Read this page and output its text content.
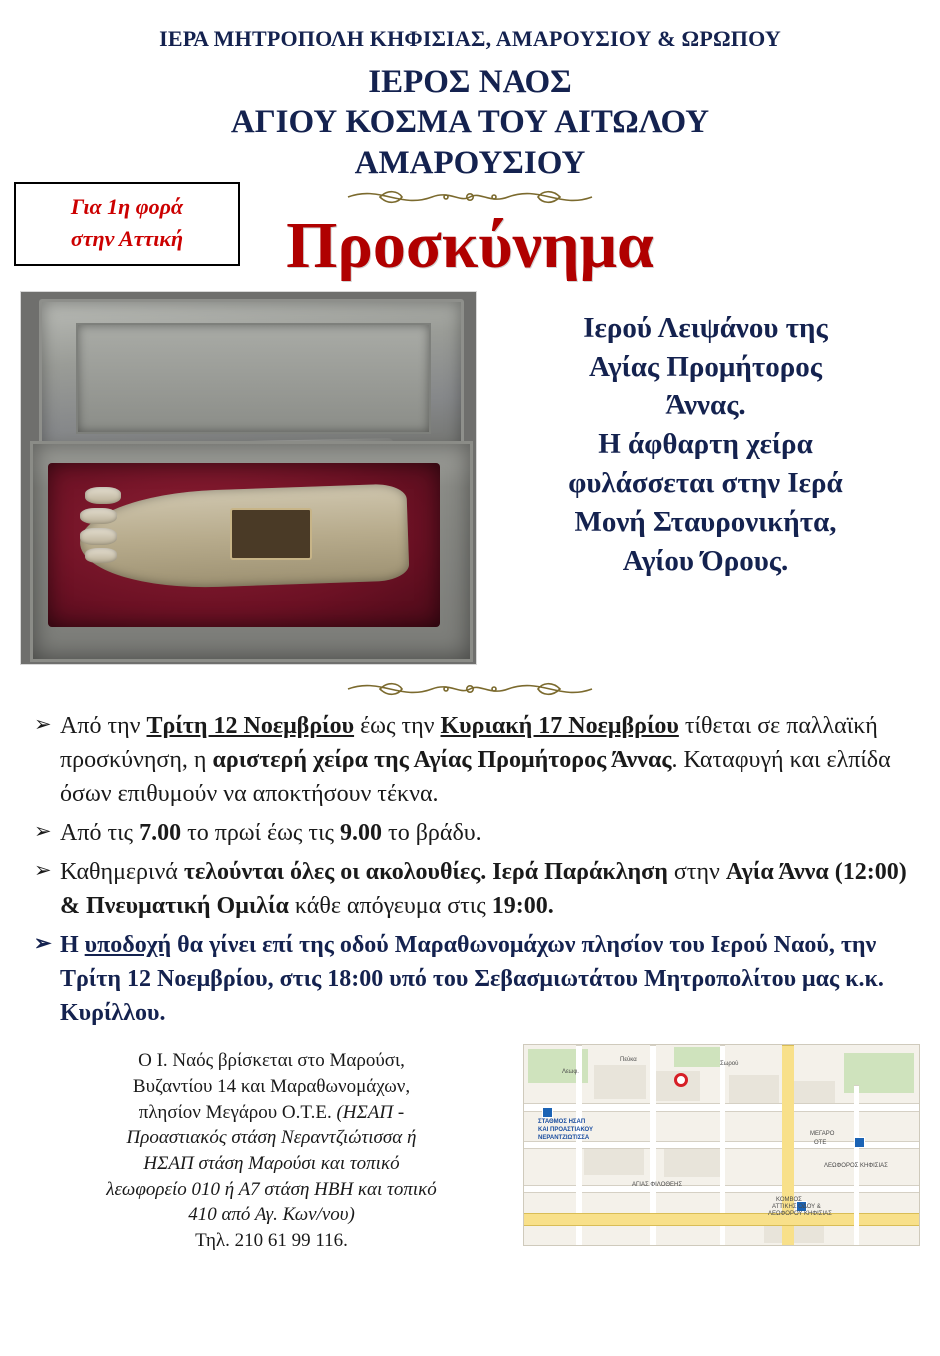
ΙΕΡΑ ΜΗΤΡΟΠΟΛΗ ΚΗΦΙΣΙΑΣ, ΑΜΑΡΟΥΣΙΟΥ & ΩΡΩΠΟΥ
ΙΕΡΟΣ ΝΑΟΣ
ΑΓΙΟΥ ΚΟΣΜΑ ΤΟΥ ΑΙΤΩΛΟΥ
ΑΜΑΡΟΥΣΙΟΥ
Για 1η φορά
στην Αττική	Προσκύνημα
Ιερού Λειψάνου της
Αγίας Προμήτορος
Άννας.
Η άφθαρτη χείρα
φυλάσσεται στην Ιερά
Μονή Σταυρονικήτα,
Αγίου Όρους.
➢ Από την Τρίτη 12 Νοεμβρίου έως την Κυριακή 17 Νοεμβρίου τίθεται σε παλλαϊκή προσκύνηση, η αριστερή χείρα της Αγίας Προμήτορος Άννας. Καταφυγή και ελπίδα όσων επιθυμούν να αποκτήσουν τέκνα.
➢ Από τις 7.00 το πρωί έως τις 9.00 το βράδυ.
➢ Καθημερινά τελούνται όλες οι ακολουθίες. Ιερά Παράκληση στην Αγία Άννα (12:00) & Πνευματική Ομιλία κάθε απόγευμα στις 19:00.
➢ Η υποδοχή θα γίνει επί της οδού Μαραθωνομάχων πλησίον του Ιερού Ναού, την Τρίτη 12 Νοεμβρίου, στις 18:00 υπό του Σεβασμιωτάτου Μητροπολίτου μας κ.κ. Κυρίλλου.
Ο Ι. Ναός βρίσκεται στο Μαρούσι,
Βυζαντίου 14 και Μαραθωνομάχων,
πλησίον Μεγάρου Ο.Τ.Ε. (ΗΣΑΠ -
Προαστιακός στάση Νεραντζιώτισσα ή
ΗΣΑΠ στάση Μαρούσι και τοπικό
λεωφορείο 010 ή Α7 στάση ΗΒΗ και τοπικό
410 από Αγ. Κων/νου)
Τηλ. 210 61 99 116.
ΣΤΑΘΜΟΣ ΗΣΑΠ
ΚΑΙ ΠΡΟΑΣΤΙΑΚΟΥ
ΝΕΡΑΝΤΖΙΩΤΙΣΣΑ
ΜΕΓΑΡΟ
ΟΤΕ
ΛΕΩΦΟΡΟΣ ΚΗΦΙΣΙΑΣ
ΑΓΙΑΣ ΦΙΛΟΘΕΗΣ
ΚΟΜΒΟΣ
ΑΤΤΙΚΗΣ ΟΔΟΥ &
ΛΕΩΦΟΡΟΥ ΚΗΦΙΣΙΑΣ
Πεύκα
Λεωφ.
Σωρού
